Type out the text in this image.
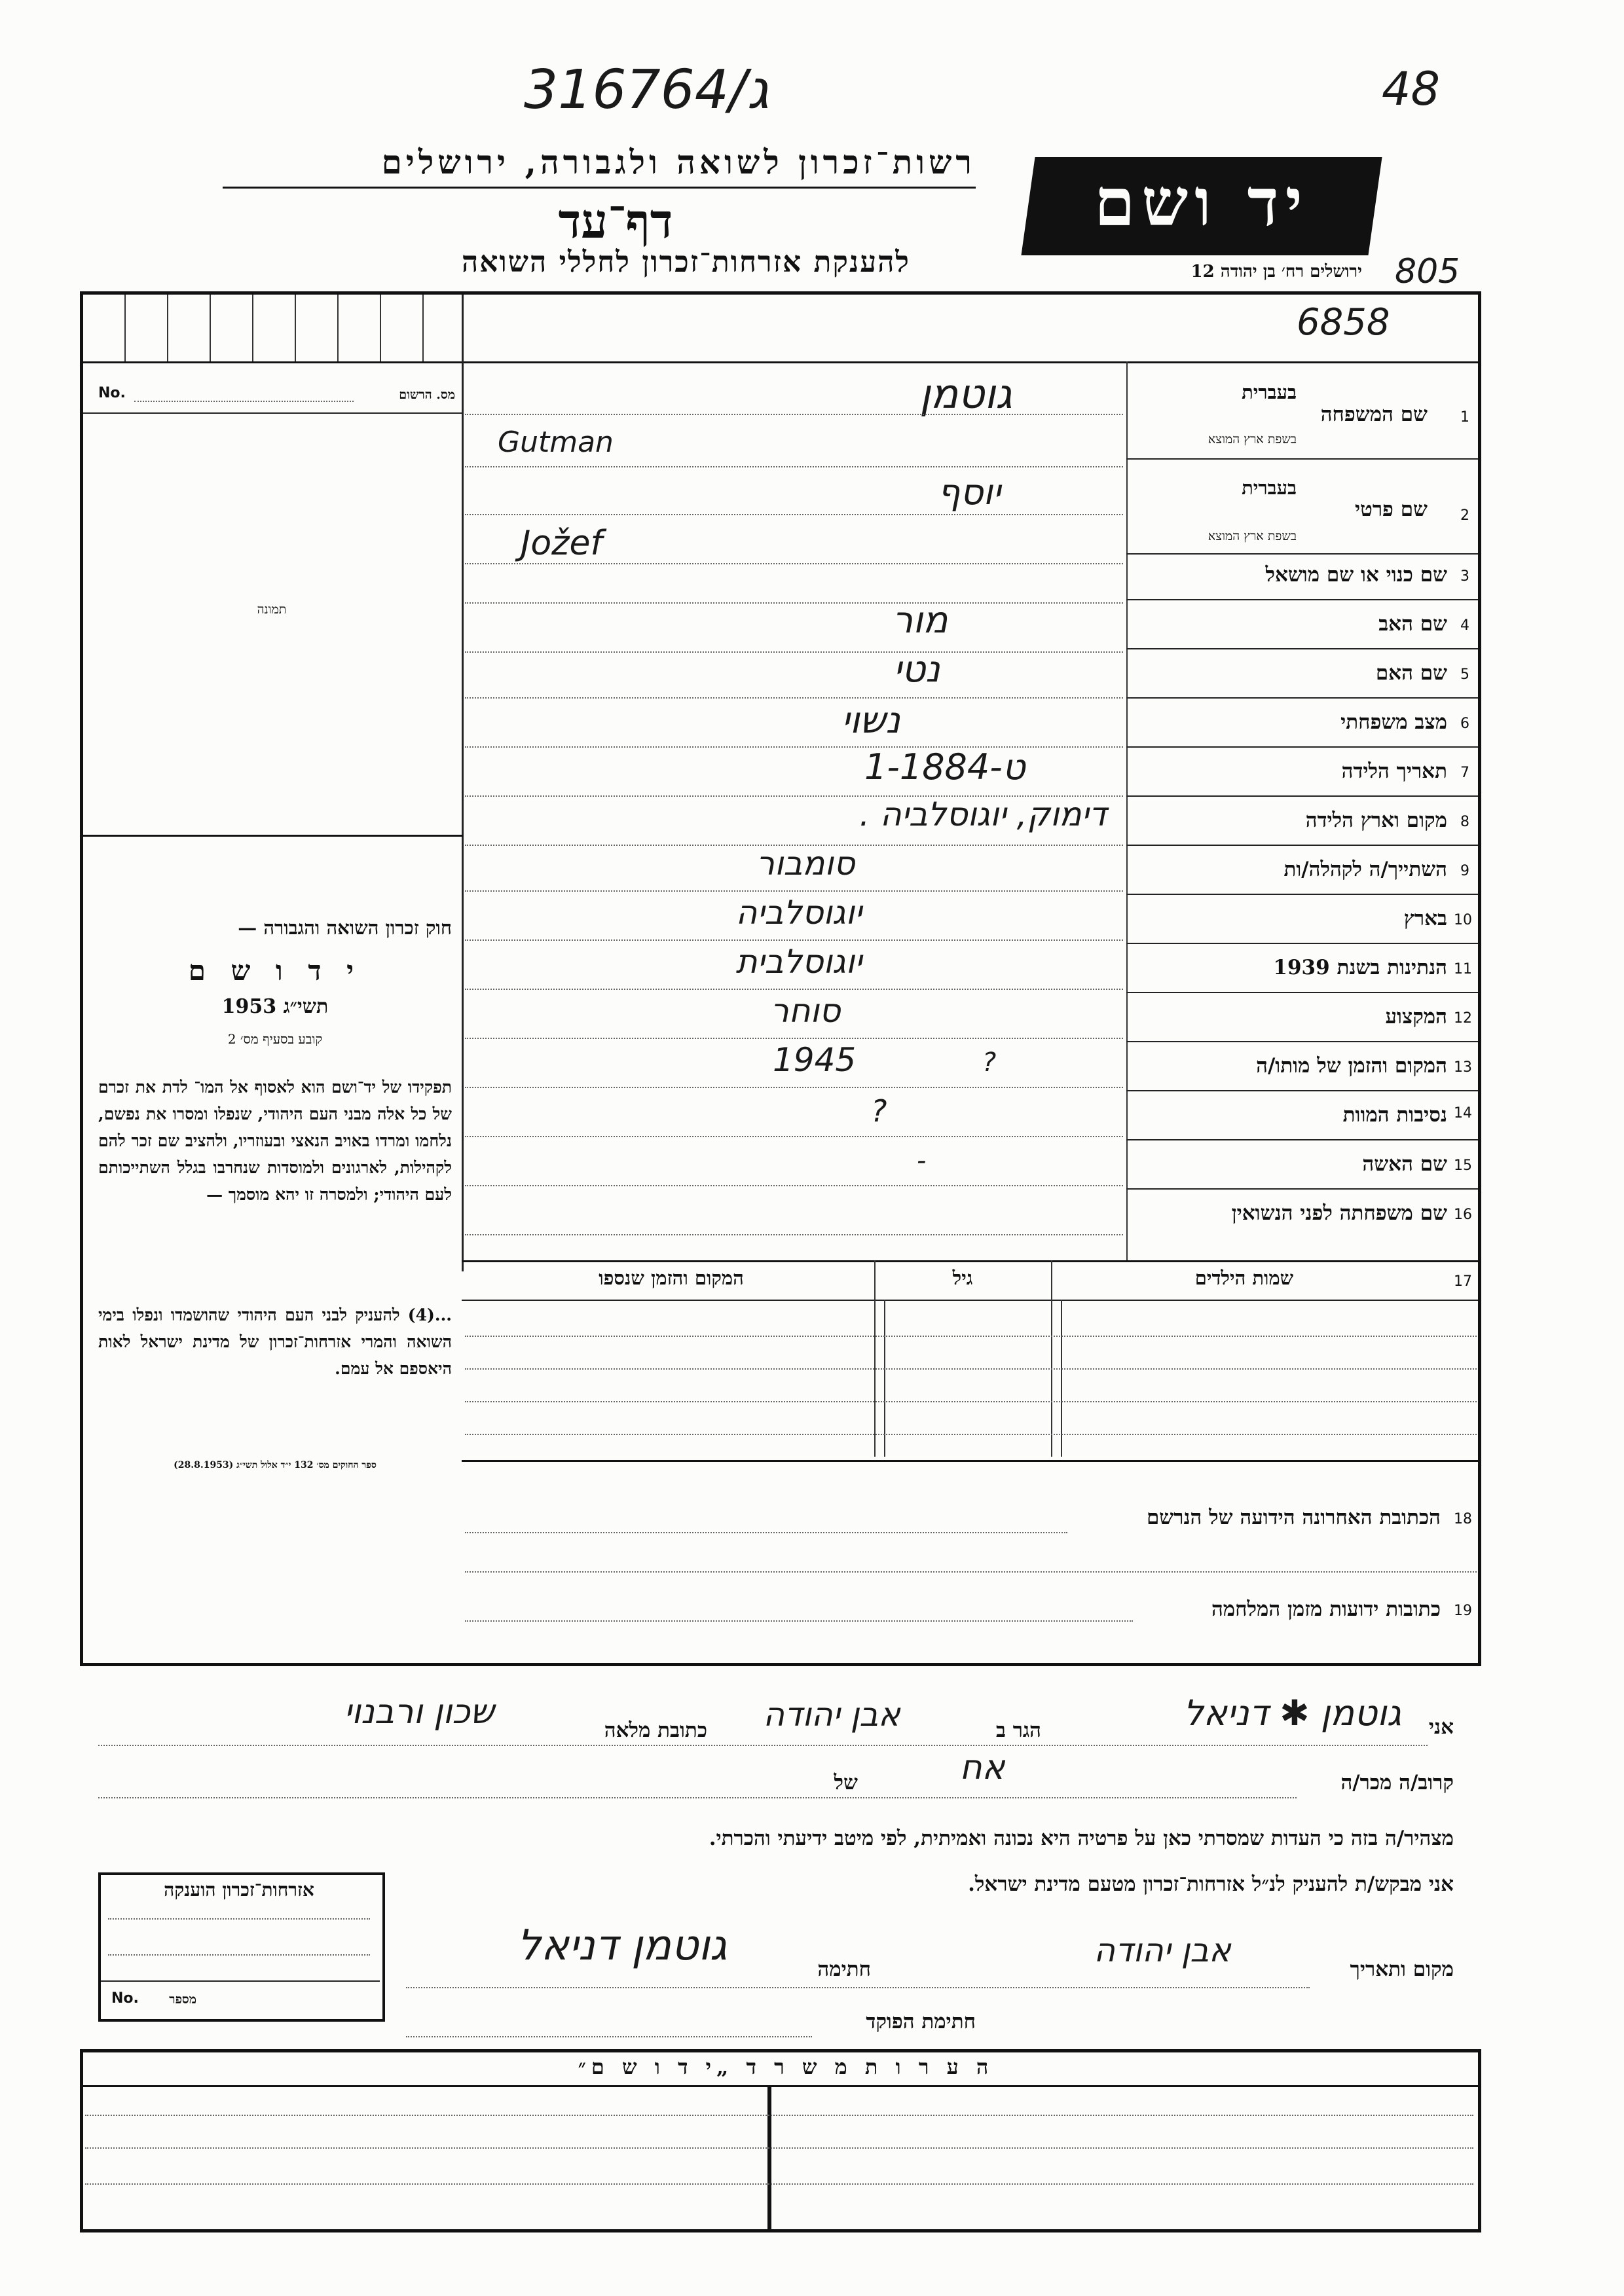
316764/ג	48
רשות־זכרון לשואה ולגבורה, ירושלים
דף־עד
להענקת אזרחות־זכרון לחללי השואה
יד ושם
ירושלים רח׳ בן יהודה 12 805
6858
No.	מס. הרשום
תמונה
חוק זכרון השואה והגבורה —
י ד ו ש ם
תשי״ג 1953
קובע בסעיף מס׳ 2
תפקידו של יד־ושם הוא לאסוף אל המו־ לדת את זכרם של כל אלה מבני העם היהודי, שנפלו ומסרו את נפשם, נלחמו ומרדו באויב הנאצי ובעוזריו, ולהציב שם זכר להם לקהילות, לארגונים ולמוסדות שנחרבו בגלל השתייכותם לעם היהודי; ולמסרה זו יהא מוסמך —
...(4) להעניק לבני העם היהודי שהושמדו ונפלו בימי השואה והמרי אזרחות־זכרון של מדינת ישראל לאות היאספם אל עמם.
ספר החוקים מס׳ 132 י״ד אלול תשי״ג (28.8.1953)
בעברית
שם המשפחה
בשפת ארץ המוצא
1
גוטמן
Gutman
בעברית
שם פרטי
בשפת ארץ המוצא
2
יוסף
Jožef
שם כנוי או שם מושאל 3
שם האב 4
מור
שם האם 5
נטי
מצב משפחתי 6
נשוי
תאריך הלידה 7
1-ט-1884
מקום וארץ הלידה 8
דימוק, יוגוסלביה .
השתייך/ה לקהלה/ות 9
סומבור
בארץ 10
יוגוסלביה
הנתינות בשנת 1939 11
יוגוסלבית
המקצוע 12
סוחר
המקום והזמן של מותו/ה 13
1945	?
נסיבות המוות 14
?
שם האשה 15
-
שם משפחתה לפני הנשואין 16
17
שמות הילדים
גיל
המקום והזמן שנספו
הכתובת האחרונה הידועה של הנרשם 18
כתובות ידועות מזמן המלחמה 19
אני
גוטמן ✱ דניאל
הגר ב
אבן יהודה
כתובת מלאה
שכון ורבנוי
קרוב/ה מכר/ה
אח
של
מצהיר/ה בזה כי העדות שמסרתי כאן על פרטיה היא נכונה ואמיתית, לפי מיטב ידיעתי והכרתי.
אני מבקש/ת להעניק לנ״ל אזרחות־זכרון מטעם מדינת ישראל.
מקום ותאריך
אבן יהודה
חתימה
גוטמן דניאל
חתימת הפוקד
אזרחות־זכרון הוענקה
No.	מספר
ה ע ר ו ת מ ש ר ד „י ד ו ש ם״
